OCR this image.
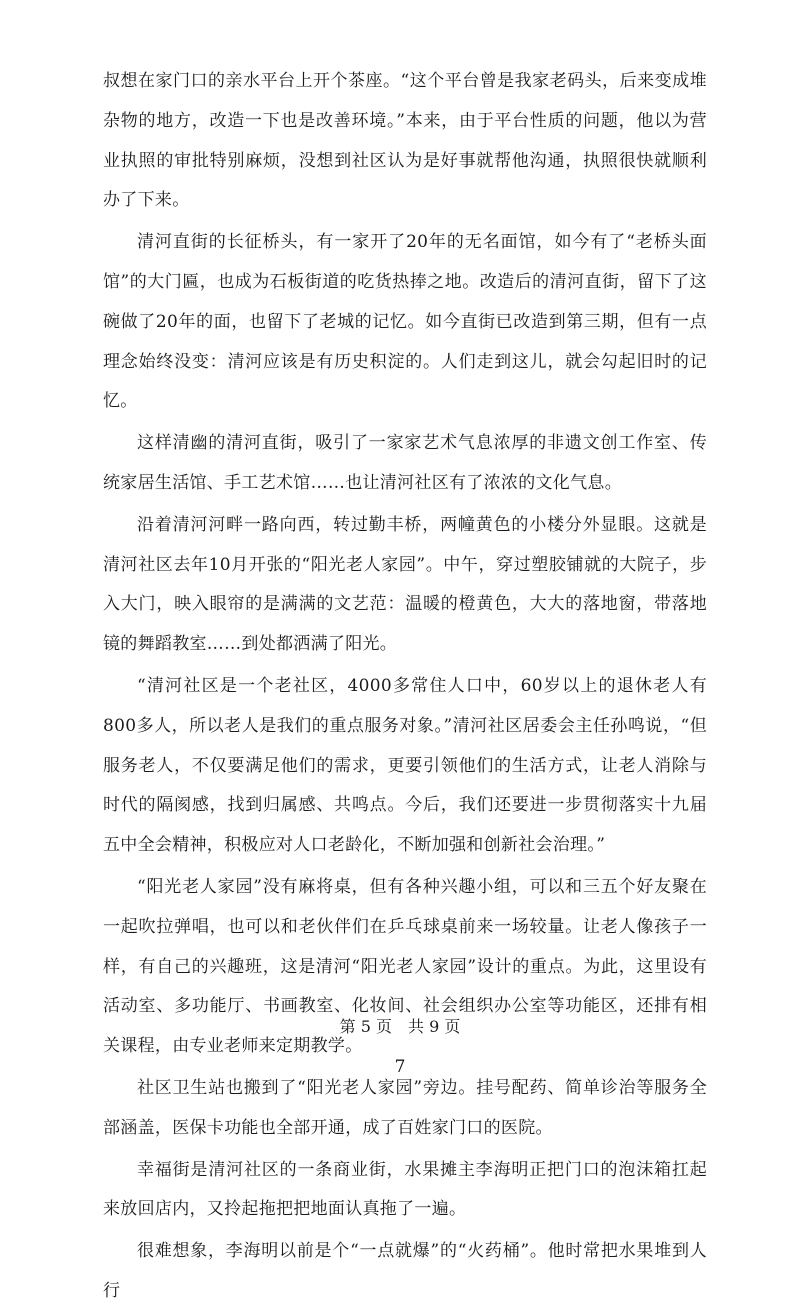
叔想在家门口的亲水平台上开个茶座。“这个平台曾是我家老码头，后来变成堆杂物的地方，改造一下也是改善环境。”本来，由于平台性质的问题，他以为营业执照的审批特别麻烦，没想到社区认为是好事就帮他沟通，执照很快就顺利办了下来。

清河直街的长征桥头，有一家开了20年的无名面馆，如今有了“老桥头面馆”的大门匾，也成为石板街道的吃货热捧之地。改造后的清河直街，留下了这碗做了20年的面，也留下了老城的记忆。如今直街已改造到第三期，但有一点理念始终没变：清河应该是有历史积淀的。人们走到这儿，就会勾起旧时的记忆。

这样清幽的清河直街，吸引了一家家艺术气息浓厚的非遗文创工作室、传统家居生活馆、手工艺术馆……也让清河社区有了浓浓的文化气息。

沿着清河河畔一路向西，转过勤丰桥，两幢黄色的小楼分外显眼。这就是清河社区去年10月开张的“阳光老人家园”。中午，穿过塑胶铺就的大院子，步入大门，映入眼帘的是满满的文艺范：温暖的橙黄色，大大的落地窗，带落地镜的舞蹈教室……到处都洒满了阳光。

“清河社区是一个老社区，4000多常住人口中，60岁以上的退休老人有800多人，所以老人是我们的重点服务对象。”清河社区居委会主任孙鸣说，“但服务老人，不仅要满足他们的需求，更要引领他们的生活方式，让老人消除与时代的隔阂感，找到归属感、共鸣点。今后，我们还要进一步贯彻落实十九届五中全会精神，积极应对人口老龄化，不断加强和创新社会治理。”

“阳光老人家园”没有麻将桌，但有各种兴趣小组，可以和三五个好友聚在一起吹拉弹唱，也可以和老伙伴们在乒乓球桌前来一场较量。让老人像孩子一样，有自己的兴趣班，这是清河“阳光老人家园”设计的重点。为此，这里设有活动室、多功能厅、书画教室、化妆间、社会组织办公室等功能区，还排有相关课程，由专业老师来定期教学。

社区卫生站也搬到了“阳光老人家园”旁边。挂号配药、简单诊治等服务全部涵盖，医保卡功能也全部开通，成了百姓家门口的医院。

幸福街是清河社区的一条商业街，水果摊主李海明正把门口的泡沫箱扛起来放回店内，又拎起拖把把地面认真拖了一遍。

很难想象，李海明以前是个“一点就爆”的“火药桶”。他时常把水果堆到人行

第 5 页　共 9 页
7
